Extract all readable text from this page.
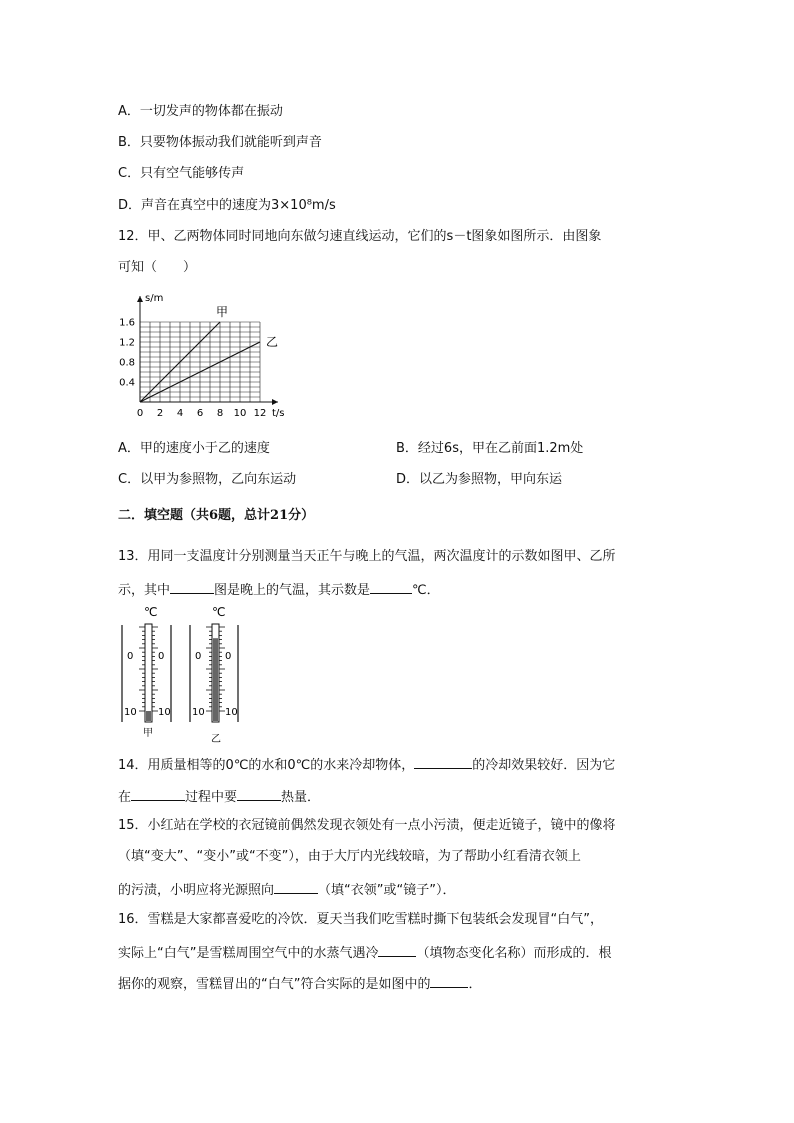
A．一切发声的物体都在振动
B．只要物体振动我们就能听到声音
C．只有空气能够传声
D．声音在真空中的速度为3×10⁸m/s
12．甲、乙两物体同时同地向东做匀速直线运动，它们的s－t图象如图所示．由图象
可知（　　）
s/m
t/s
0 2 4 6 8 10 12
0.4
0.8
1.2
1.6
甲
乙
A．甲的速度小于乙的速度	B．经过6s，甲在乙前面1.2m处
C．以甲为参照物，乙向东运动	D．以乙为参照物，甲向东运
二．填空题（共6题，总计21分）
13．用同一支温度计分别测量当天正午与晚上的气温，两次温度计的示数如图甲、乙所
示，其中	图是晚上的气温，其示数是	℃．
℃
0 0
10 10
甲
℃
0 0
10 10
乙
14．用质量相等的0℃的水和0℃的水来冷却物体，	的冷却效果较好．因为它
在	过程中要	热量．
15．小红站在学校的衣冠镜前偶然发现衣领处有一点小污渍，便走近镜子，镜中的像将
（填“变大”、“变小”或“不变”），由于大厅内光线较暗，为了帮助小红看清衣领上
的污渍，小明应将光源照向	（填“衣领”或“镜子”）．
16．雪糕是大家都喜爱吃的冷饮．夏天当我们吃雪糕时撕下包装纸会发现冒“白气”，
实际上“白气”是雪糕周围空气中的水蒸气遇冷	（填物态变化名称）而形成的．根
据你的观察，雪糕冒出的“白气”符合实际的是如图中的	．
